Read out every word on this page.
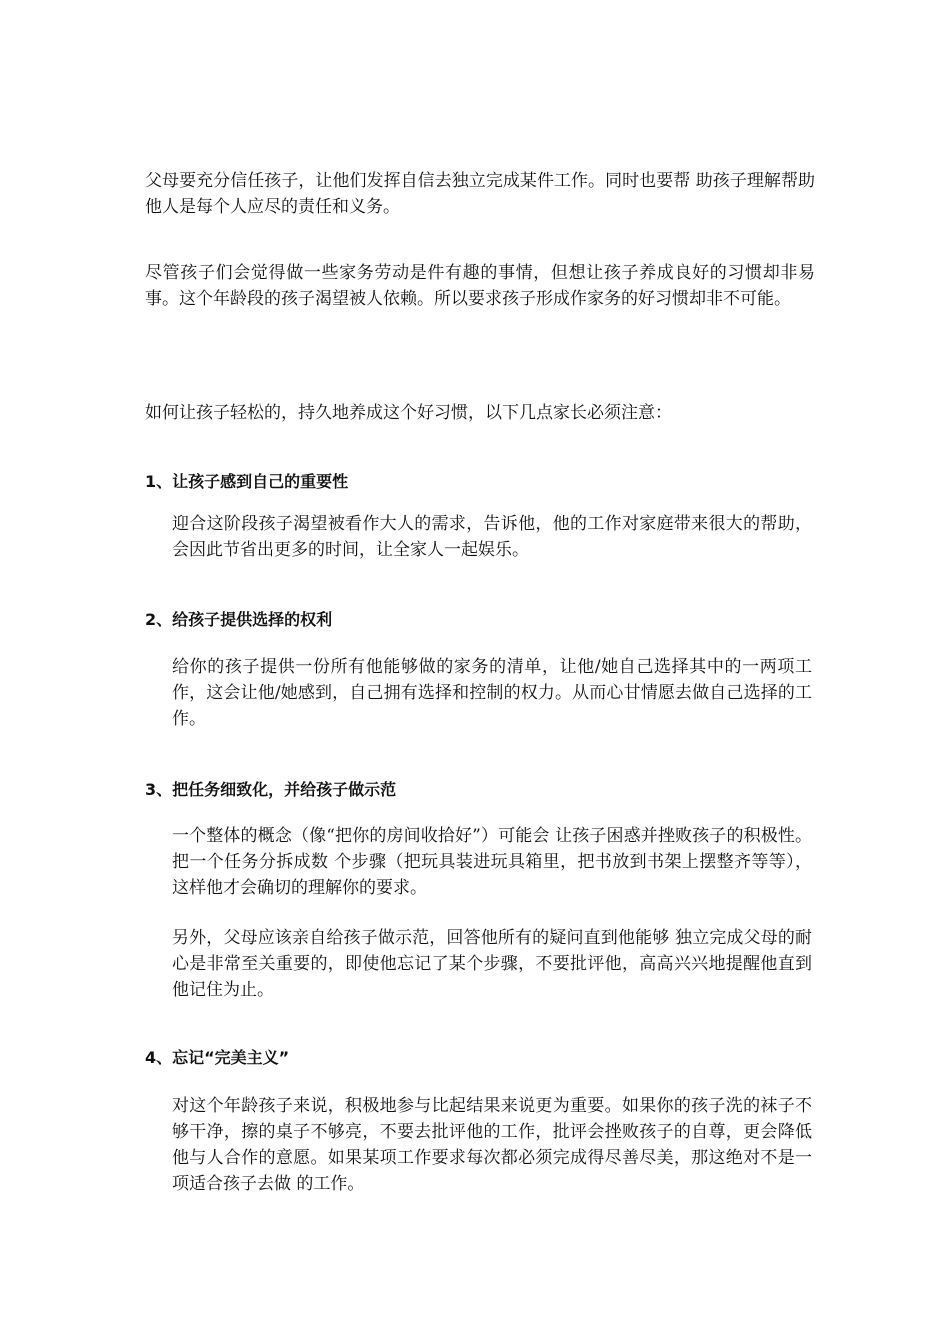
父母要充分信任孩子，让他们发挥自信去独立完成某件工作。同时也要帮 助孩子理解帮助他人是每个人应尽的责任和义务。

尽管孩子们会觉得做一些家务劳动是件有趣的事情，但想让孩子养成良好的习惯却非易事。这个年龄段的孩子渴望被人依赖。所以要求孩子形成作家务的好习惯却非不可能。

如何让孩子轻松的，持久地养成这个好习惯，以下几点家长必须注意：

1、让孩子感到自己的重要性

迎合这阶段孩子渴望被看作大人的需求，告诉他，他的工作对家庭带来很大的帮助，会因此节省出更多的时间，让全家人一起娱乐。

2、给孩子提供选择的权利

给你的孩子提供一份所有他能够做的家务的清单，让他/她自己选择其中的一两项工作，这会让他/她感到，自己拥有选择和控制的权力。从而心甘情愿去做自己选择的工作。

3、把任务细致化，并给孩子做示范

一个整体的概念（像“把你的房间收拾好”）可能会 让孩子困惑并挫败孩子的积极性。把一个任务分拆成数 个步骤（把玩具装进玩具箱里，把书放到书架上摆整齐等等），这样他才会确切的理解你的要求。

另外，父母应该亲自给孩子做示范，回答他所有的疑问直到他能够 独立完成父母的耐心是非常至关重要的，即使他忘记了某个步骤，不要批评他，高高兴兴地提醒他直到他记住为止。

4、忘记“完美主义”

对这个年龄孩子来说，积极地参与比起结果来说更为重要。如果你的孩子洗的袜子不够干净，擦的桌子不够亮，不要去批评他的工作，批评会挫败孩子的自尊，更会降低他与人合作的意愿。如果某项工作要求每次都必须完成得尽善尽美，那这绝对不是一项适合孩子去做 的工作。
